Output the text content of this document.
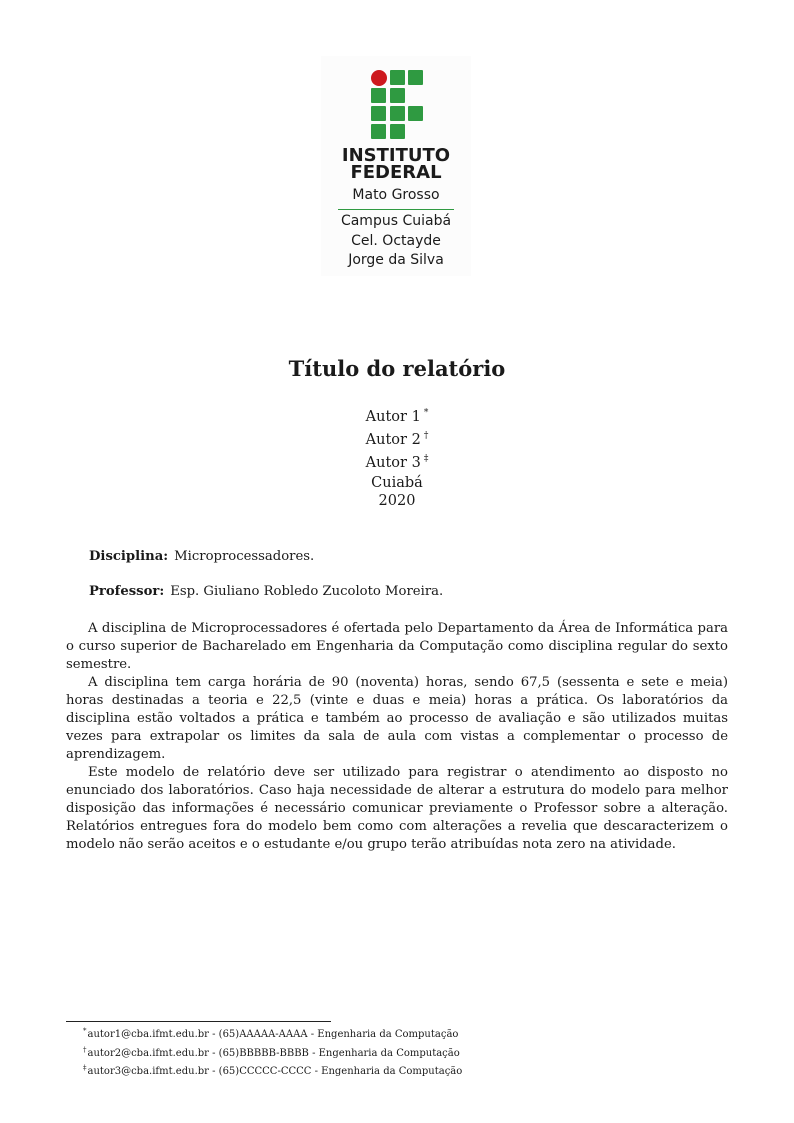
INSTITUTO
FEDERAL
Mato Grosso
Campus Cuiabá
Cel. Octayde
Jorge da Silva
Título do relatório
Autor 1 *
Autor 2 †
Autor 3 ‡
Cuiabá
2020
Disciplina: Microprocessadores.
Professor: Esp. Giuliano Robledo Zucoloto Moreira.

A disciplina de Microprocessadores é ofertada pelo Departamento da Área de Informática para o curso superior de Bacharelado em Engenharia da Computação como disciplina regular do sexto semestre.

A disciplina tem carga horária de 90 (noventa) horas, sendo 67,5 (sessenta e sete e meia) horas destinadas a teoria e 22,5 (vinte e duas e meia) horas a prática. Os laboratórios da disciplina estão voltados a prática e também ao processo de avaliação e são utilizados muitas vezes para extrapolar os limites da sala de aula com vistas a complementar o processo de aprendizagem.

Este modelo de relatório deve ser utilizado para registrar o atendimento ao disposto no enunciado dos laboratórios. Caso haja necessidade de alterar a estrutura do modelo para melhor disposição das informações é necessário comunicar previamente o Professor sobre a alteração. Relatórios entregues fora do modelo bem como com alterações a revelia que descaracterizem o modelo não serão aceitos e o estudante e/ou grupo terão atribuídas nota zero na atividade.

*autor1@cba.ifmt.edu.br - (65)AAAAA-AAAA - Engenharia da Computação
†autor2@cba.ifmt.edu.br - (65)BBBBB-BBBB - Engenharia da Computação
‡autor3@cba.ifmt.edu.br - (65)CCCCC-CCCC - Engenharia da Computação
